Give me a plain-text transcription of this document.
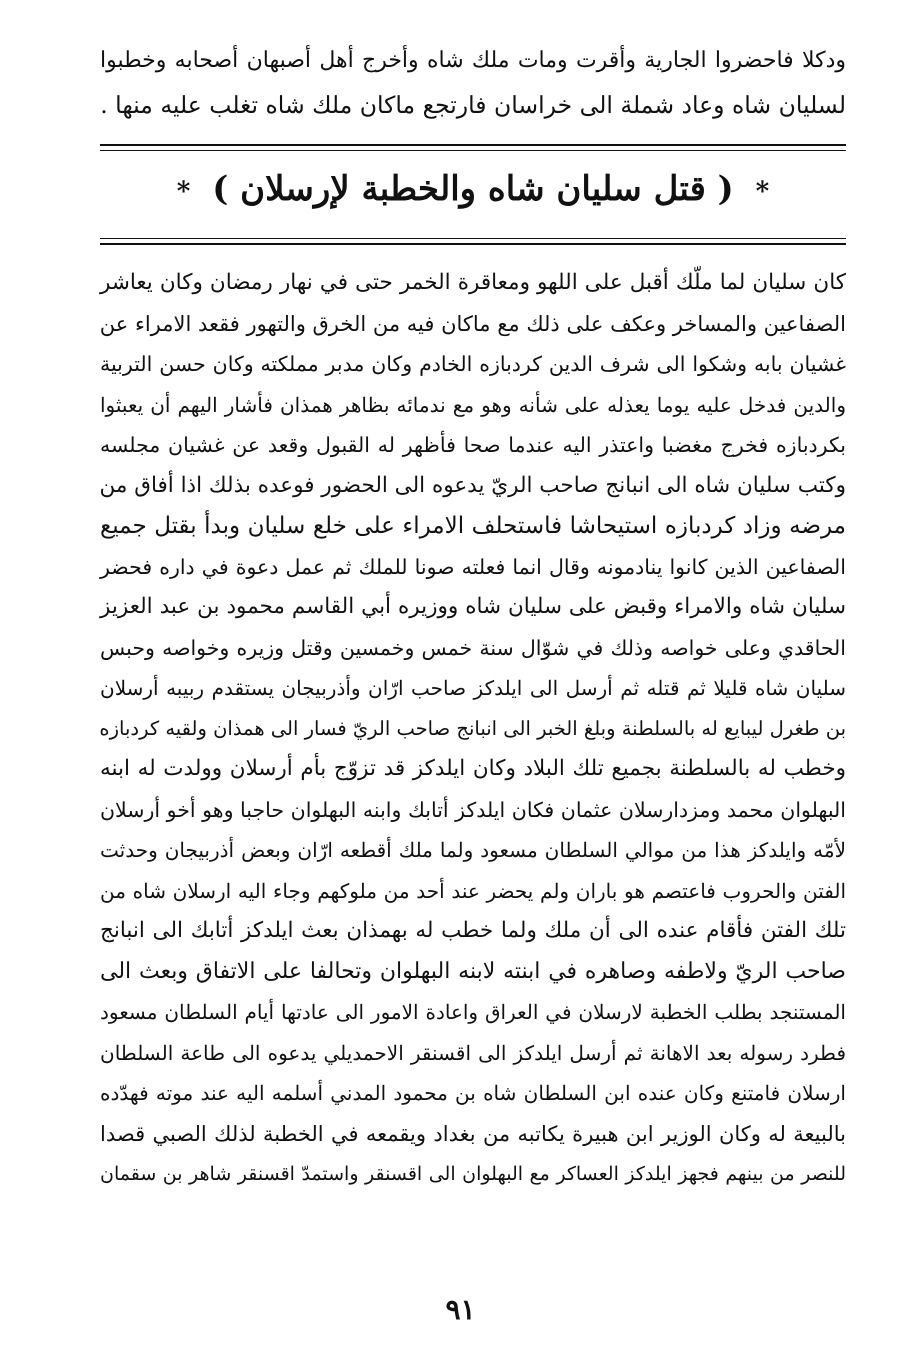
ودكلا فاحضروا الجارية وأقرت ومات ملك شاه وأخرج أهل أصبهان أصحابه وخطبوا
لسليان شاه وعاد شملة الى خراسان فارتجع ماكان ملك شاه تغلب عليه منها .
* ( قتل سليان شاه والخطبة لإرسلان ) *
كان سليان لما ملّك أقبل على اللهو ومعاقرة الخمر حتى في نهار رمضان وكان يعاشر
الصفاعين والمساخر وعكف على ذلك مع ماكان فيه من الخرق والتهور فقعد الامراء عن
غشيان بابه وشكوا الى شرف الدين كردبازه الخادم وكان مدبر مملكته وكان حسن التربية
والدين فدخل عليه يوما يعذله على شأنه وهو مع ندمائه بظاهر همذان فأشار اليهم أن يعبثوا
بكردبازه فخرج مغضبا واعتذر اليه عندما صحا فأظهر له القبول وقعد عن غشيان مجلسه
وكتب سليان شاه الى انبانج صاحب الريّ يدعوه الى الحضور فوعده بذلك اذا أفاق من
مرضه وزاد كردبازه استيحاشا فاستحلف الامراء على خلع سليان وبدأ بقتل جميع
الصفاعين الذين كانوا ينادمونه وقال انما فعلته صونا للملك ثم عمل دعوة في داره فحضر
سليان شاه والامراء وقبض على سليان شاه ووزيره أبي القاسم محمود بن عبد العزيز
الحاقدي وعلى خواصه وذلك في شوّال سنة خمس وخمسين وقتل وزيره وخواصه وحبس
سليان شاه قليلا ثم قتله ثم أرسل الى ايلدكز صاحب ارّان وأذربيجان يستقدم ربيبه أرسلان
بن طغرل ليبايع له بالسلطنة وبلغ الخبر الى انبانج صاحب الريّ فسار الى همذان ولقيه كردبازه
وخطب له بالسلطنة بجميع تلك البلاد وكان ايلدكز قد تزوّج بأم أرسلان وولدت له ابنه
البهلوان محمد ومزدارسلان عثمان فكان ايلدكز أتابك وابنه البهلوان حاجبا وهو أخو أرسلان
لأمّه وايلدكز هذا من موالي السلطان مسعود ولما ملك أقطعه ارّان وبعض أذربيجان وحدثت
الفتن والحروب فاعتصم هو باران ولم يحضر عند أحد من ملوكهم وجاء اليه ارسلان شاه من
تلك الفتن فأقام عنده الى أن ملك ولما خطب له بهمذان بعث ايلدكز أتابك الى انبانج
صاحب الريّ ولاطفه وصاهره في ابنته لابنه البهلوان وتحالفا على الاتفاق وبعث الى
المستنجد بطلب الخطبة لارسلان في العراق واعادة الامور الى عادتها أيام السلطان مسعود
فطرد رسوله بعد الاهانة ثم أرسل ايلدكز الى اقسنقر الاحمديلي يدعوه الى طاعة السلطان
ارسلان فامتنع وكان عنده ابن السلطان شاه بن محمود المدني أسلمه اليه عند موته فهدّده
بالبيعة له وكان الوزير ابن هبيرة يكاتبه من بغداد ويقمعه في الخطبة لذلك الصبي قصدا
للنصر من بينهم فجهز ايلدكز العساكر مع البهلوان الى اقسنقر واستمدّ اقسنقر شاهر بن سقمان
٩١
